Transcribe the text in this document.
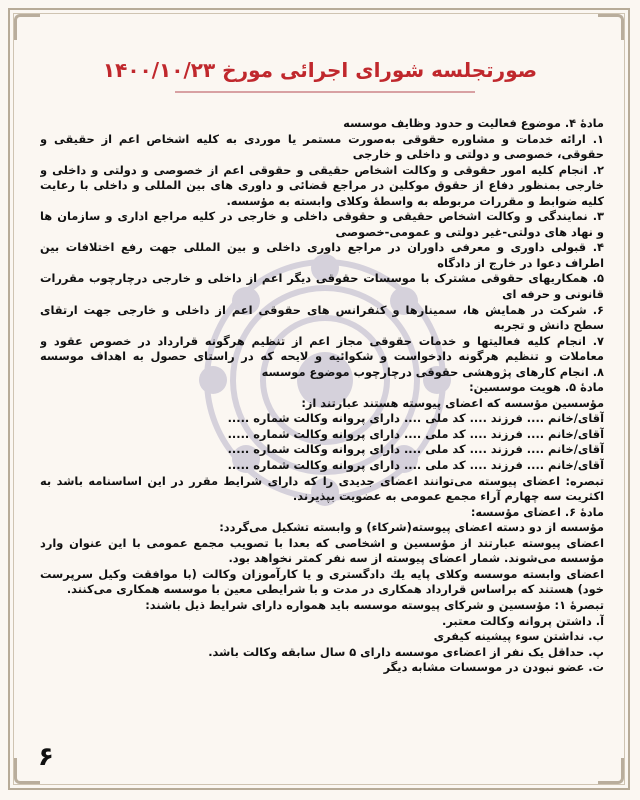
صورتجلسه شورای اجرائی مورخ ۱۴۰۰/۱۰/۲۳
مادهٔ ۴. موضوع فعالیت و حدود وظایف موسسه
۱. ارائه خدمات و مشاوره حقوقی به‌صورت مستمر یا موردی به کلیه اشخاص اعم از حقیقی و
حقوقی، خصوصی و دولتی و داخلی و خارجی
۲. انجام کلیه امور حقوقی و وکالت اشخاص حقیقی و حقوقی اعم از خصوصی و دولتی و داخلی و
خارجی بمنظور دفاع از حقوق موکلین در مراجع قضائی و داوری های بین المللی و داخلی با رعایت
کلیه ضوابط و مقررات مربوطه به واسطهٔ وکلای وابسته به مؤسسه.
۳. نمایندگی و وکالت اشخاص حقیقی و حقوقی داخلی و خارجی در کلیه مراجع اداری و سازمان ها
و نهاد های دولتی-غیر دولتی و عمومی-خصوصی
۴. قبولی داوری و معرفی داوران در مراجع داوری داخلی و بین المللی جهت رفع اختلافات بین
اطراف دعوا در خارج از دادگاه
۵. همکاریهای حقوقی مشترک با موسسات حقوقی دیگر اعم از داخلی و خارجی درچارچوب مقررات
قانونی و حرفه ای
۶. شرکت در همایش ها، سمینارها و کنفرانس های حقوقی اعم از داخلی و خارجی جهت ارتقای
سطح دانش و تجربه
۷. انجام کلیه فعالیتها و خدمات حقوقی مجاز اعم از تنظیم هرگونه قرارداد در خصوص عقود و
معاملات و تنظیم هرگونه دادخواست و شکوائیه و لایحه که در راستای حصول به اهداف موسسه
۸. انجام کارهای پژوهشی حقوقی درچارچوب موضوع موسسه
مادهٔ ۵. هویت موسسین:
مؤسسین مؤسسه که اعضای پیوسته هستند عبارتند از:
آقای/خانم .... فرزند .... کد ملی .... دارای پروانه وکالت شماره .....
آقای/خانم .... فرزند .... کد ملی .... دارای پروانه وکالت شماره .....
آقای/خانم .... فرزند .... کد ملی .... دارای پروانه وکالت شماره .....
آقای/خانم .... فرزند .... کد ملی .... دارای پروانه وکالت شماره .....
تبصره: اعضای پیوسته می‌توانند اعضای جدیدی را که دارای شرایط مقرر در این اساسنامه باشد به
اکثریت سه چهارم آراء مجمع عمومی به عضویت بپذیرند.
مادهٔ ۶. اعضای مؤسسه:
مؤسسه از دو دسته اعضای پیوسته(شرکاء) و وابسته تشکیل می‌گردد:
اعضای پیوسته عبارتند از مؤسسین و اشخاصی که بعدا با تصویب مجمع عمومی با این عنوان وارد
مؤسسه می‌شوند. شمار اعضای پیوسته از سه نفر کمتر نخواهد بود.
اعضای وابسته موسسه وکلای پایه یك دادگستری و یا کارآموزان وکالت (با موافقت وکیل سرپرست
خود) هستند که براساس قرارداد همکاری در مدت و با شرایطی معین با موسسه همکاری می‌کنند.
تبصرهٔ ۱: مؤسسین و شرکای پیوسته موسسه باید همواره دارای شرایط ذیل باشند:
آ. داشتن پروانه وکالت معتبر.
ب. نداشتن سوء پیشینه کیفری
پ. حداقل یک نفر از اعضاءی موسسه دارای ۵ سال سابقه وکالت باشد.
ت. عضو نبودن در موسسات مشابه دیگر
۶
